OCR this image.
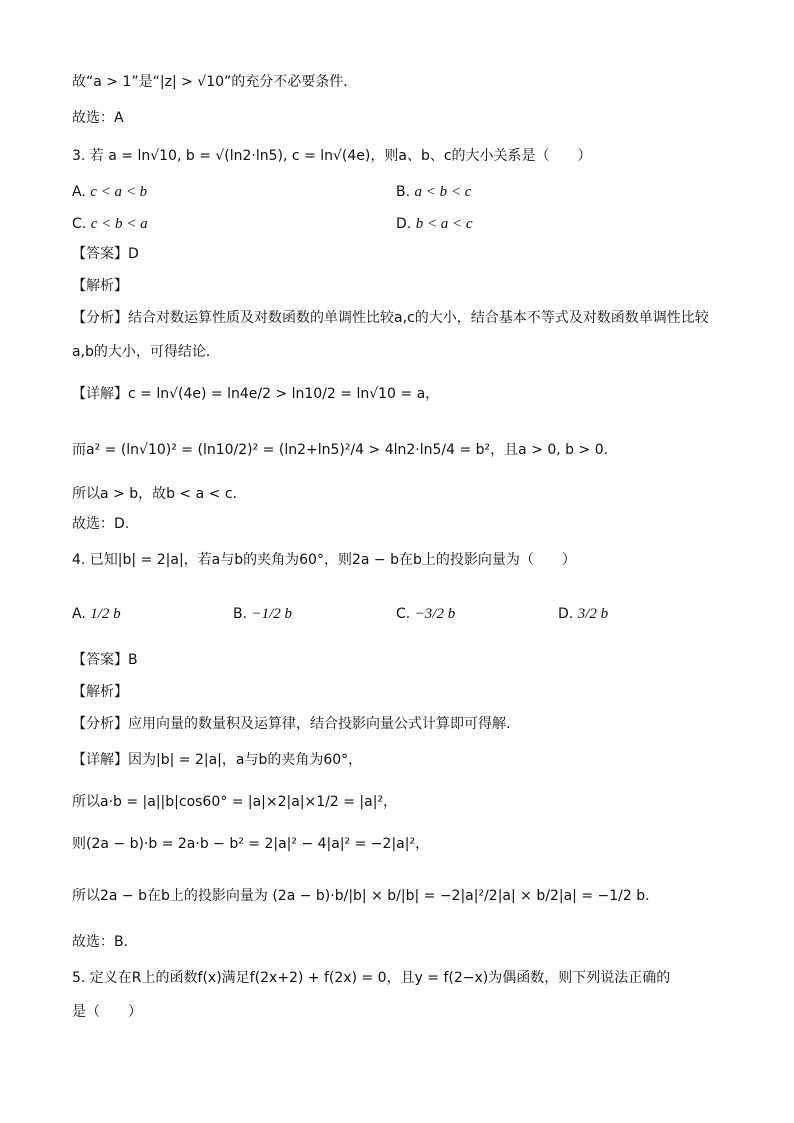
故“a > 1”是“|z| > √10”的充分不必要条件．
故选：A
3. 若 a = ln√10, b = √(ln2·ln5), c = ln√(4e)，则a、b、c的大小关系是（　　）
A. c < a < b	B. a < b < c
C. c < b < a	D. b < a < c
【答案】D
【解析】
【分析】结合对数运算性质及对数函数的单调性比较a,c的大小，结合基本不等式及对数函数单调性比较
a,b的大小，可得结论．
【详解】c = ln√(4e) = ln4e/2 > ln10/2 = ln√10 = a，
而a² = (ln√10)² = (ln10/2)² = (ln2+ln5)²/4 > 4ln2·ln5/4 = b²，且a > 0, b > 0．
所以a > b，故b < a < c．
故选：D.
4. 已知|b| = 2|a|，若a与b的夹角为60°，则2a − b在b上的投影向量为（　　）
A. 1/2 b	B. −1/2 b	C. −3/2 b	D. 3/2 b
【答案】B
【解析】
【分析】应用向量的数量积及运算律，结合投影向量公式计算即可得解.
【详解】因为|b| = 2|a|，a与b的夹角为60°，
所以a·b = |a||b|cos60° = |a|×2|a|×1/2 = |a|²，
则(2a − b)·b = 2a·b − b² = 2|a|² − 4|a|² = −2|a|²，
所以2a − b在b上的投影向量为 (2a − b)·b/|b| × b/|b| = −2|a|²/2|a| × b/2|a| = −1/2 b．
故选：B.
5. 定义在R上的函数f(x)满足f(2x+2) + f(2x) = 0，且y = f(2−x)为偶函数，则下列说法正确的
是（　　）
